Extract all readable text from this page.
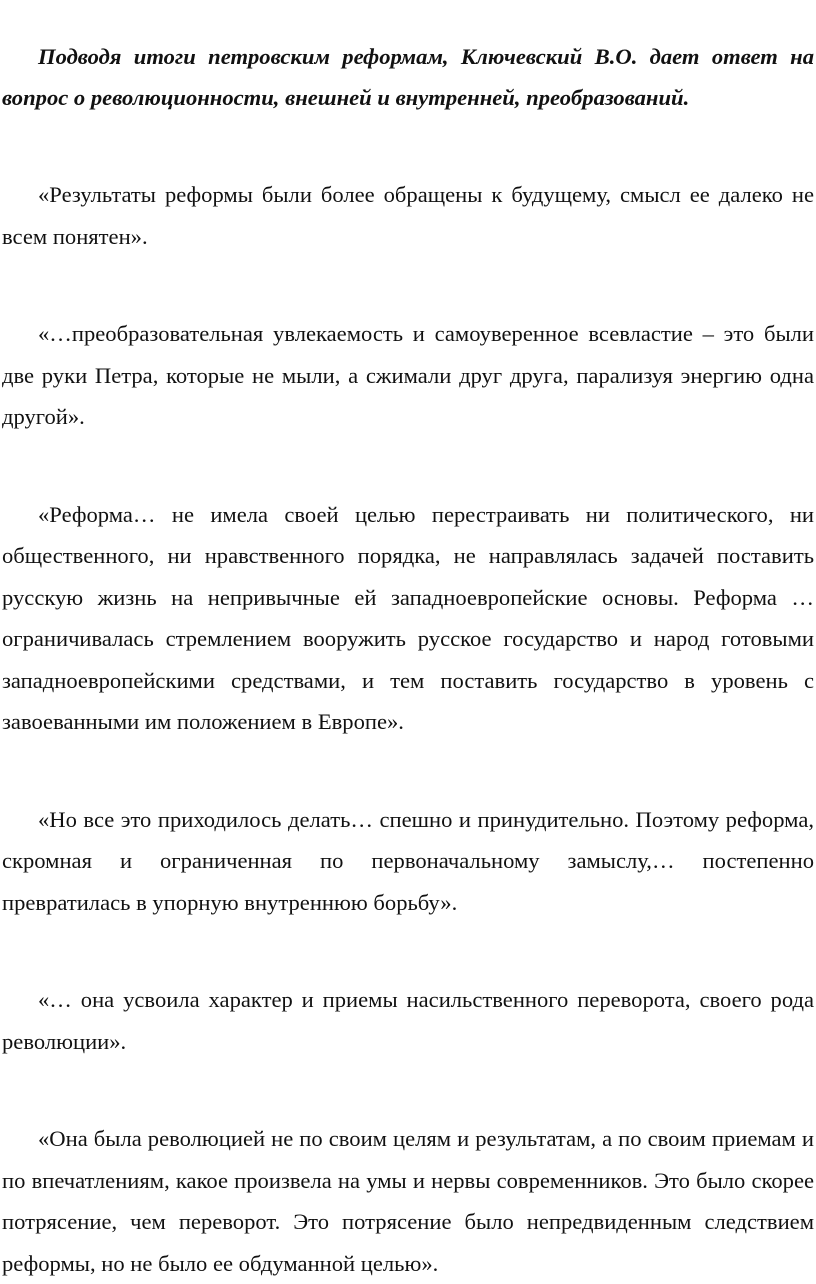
Подводя итоги петровским реформам, Ключевский В.О. дает ответ на вопрос о революционности, внешней и внутренней, преобразований.

«Результаты реформы были более обращены к будущему, смысл ее далеко не всем понятен».

«…преобразовательная увлекаемость и самоуверенное всевластие – это были две руки Петра, которые не мыли, а сжимали друг друга, парализуя энергию одна другой».

«Реформа… не имела своей целью перестраивать ни политического, ни общественного, ни нравственного порядка, не направлялась задачей поставить русскую жизнь на непривычные ей западноевропейские основы. Реформа … ограничивалась стремлением вооружить русское государство и народ готовыми западноевропейскими средствами, и тем поставить государство в уровень с завоеванными им положением в Европе».

«Но все это приходилось делать… спешно и принудительно. Поэтому реформа, скромная и ограниченная по первоначальному замыслу,… постепенно превратилась в упорную внутреннюю борьбу».

«… она усвоила характер и приемы насильственного переворота, своего рода революции».

«Она была революцией не по своим целям и результатам, а по своим приемам и по впечатлениям, какое произвела на умы и нервы современников. Это было скорее потрясение, чем переворот. Это потрясение было непредвиденным следствием реформы, но не было ее обдуманной целью».
